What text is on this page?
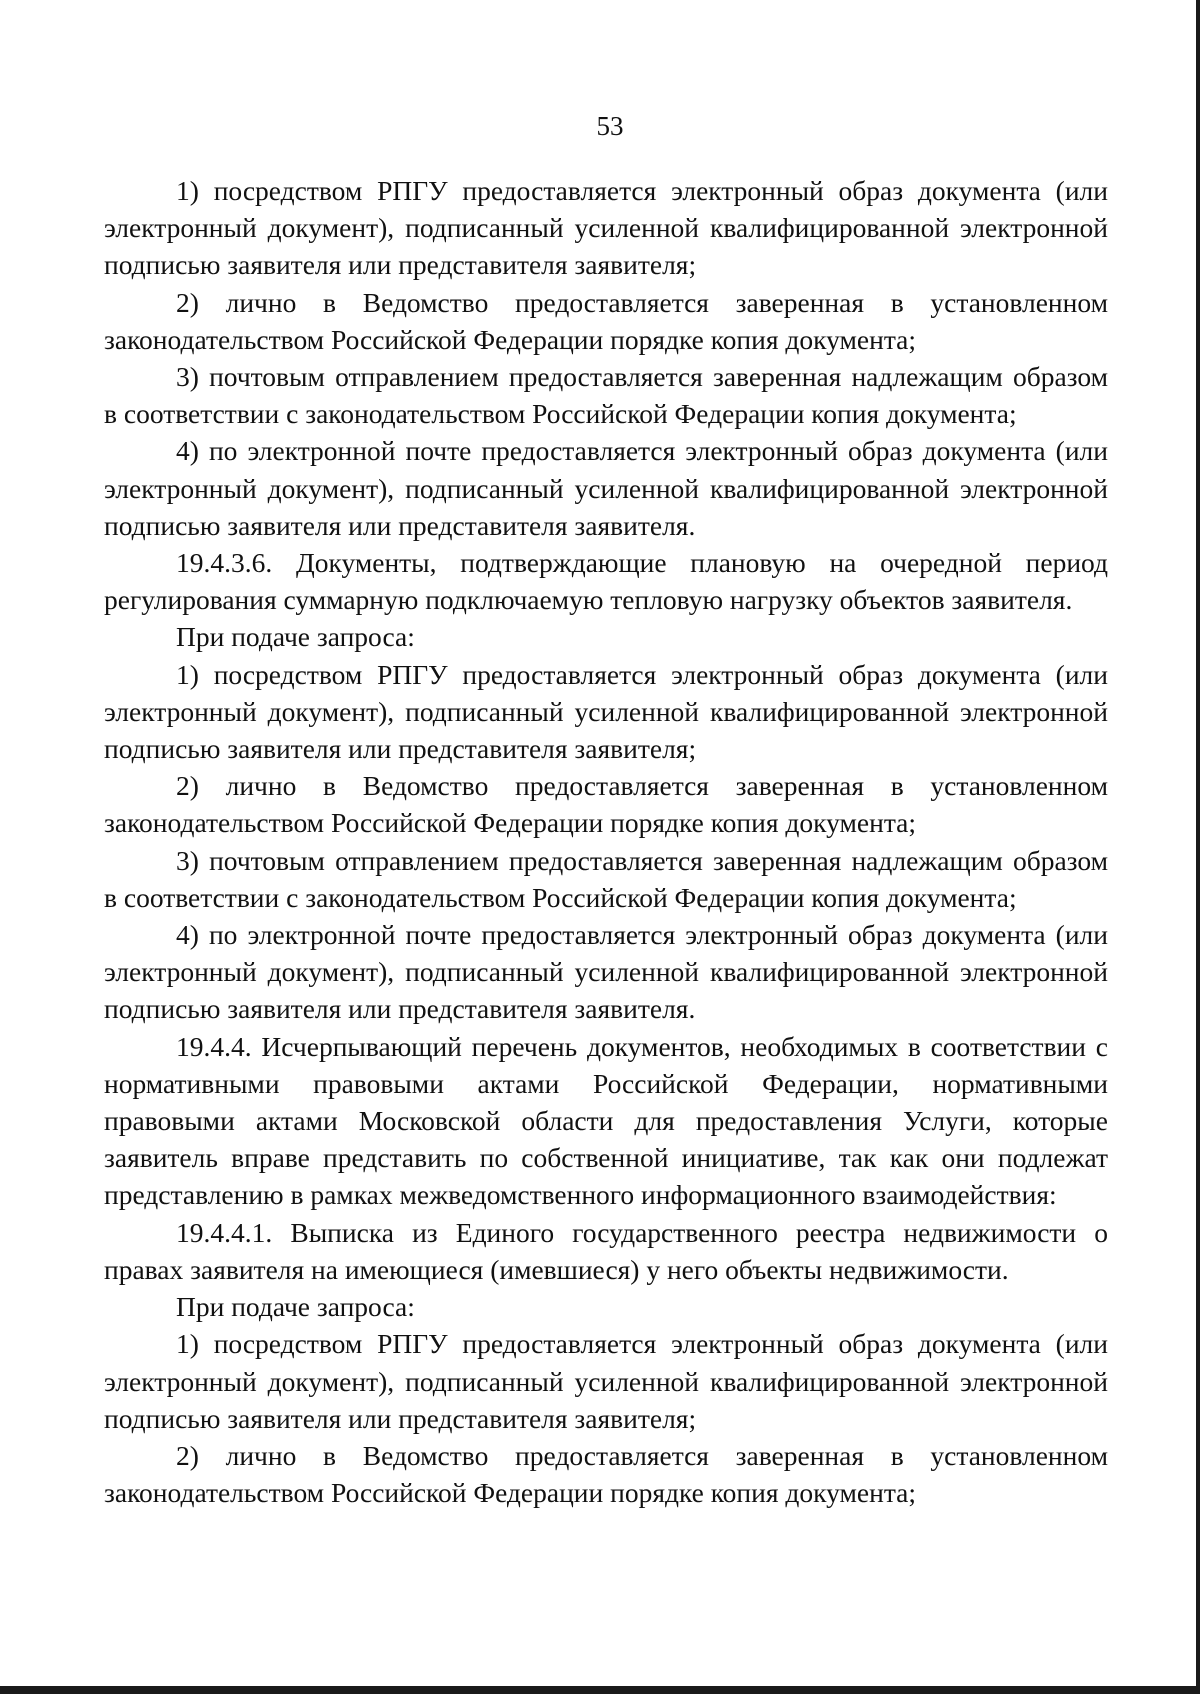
53

1) посредством РПГУ предоставляется электронный образ документа (или электронный документ), подписанный усиленной квалифицированной электронной подписью заявителя или представителя заявителя;

2) лично в Ведомство предоставляется заверенная в установленном законодательством Российской Федерации порядке копия документа;

3) почтовым отправлением предоставляется заверенная надлежащим образом в соответствии с законодательством Российской Федерации копия документа;

4) по электронной почте предоставляется электронный образ документа (или электронный документ), подписанный усиленной квалифицированной электронной подписью заявителя или представителя заявителя.

19.4.3.6. Документы, подтверждающие плановую на очередной период регулирования суммарную подключаемую тепловую нагрузку объектов заявителя.

При подаче запроса:

1) посредством РПГУ предоставляется электронный образ документа (или электронный документ), подписанный усиленной квалифицированной электронной подписью заявителя или представителя заявителя;

2) лично в Ведомство предоставляется заверенная в установленном законодательством Российской Федерации порядке копия документа;

3) почтовым отправлением предоставляется заверенная надлежащим образом в соответствии с законодательством Российской Федерации копия документа;

4) по электронной почте предоставляется электронный образ документа (или электронный документ), подписанный усиленной квалифицированной электронной подписью заявителя или представителя заявителя.

19.4.4. Исчерпывающий перечень документов, необходимых в соответствии с нормативными правовыми актами Российской Федерации, нормативными правовыми актами Московской области для предоставления Услуги, которые заявитель вправе представить по собственной инициативе, так как они подлежат представлению в рамках межведомственного информационного взаимодействия:

19.4.4.1. Выписка из Единого государственного реестра недвижимости о правах заявителя на имеющиеся (имевшиеся) у него объекты недвижимости.

При подаче запроса:

1) посредством РПГУ предоставляется электронный образ документа (или электронный документ), подписанный усиленной квалифицированной электронной подписью заявителя или представителя заявителя;

2) лично в Ведомство предоставляется заверенная в установленном законодательством Российской Федерации порядке копия документа;
